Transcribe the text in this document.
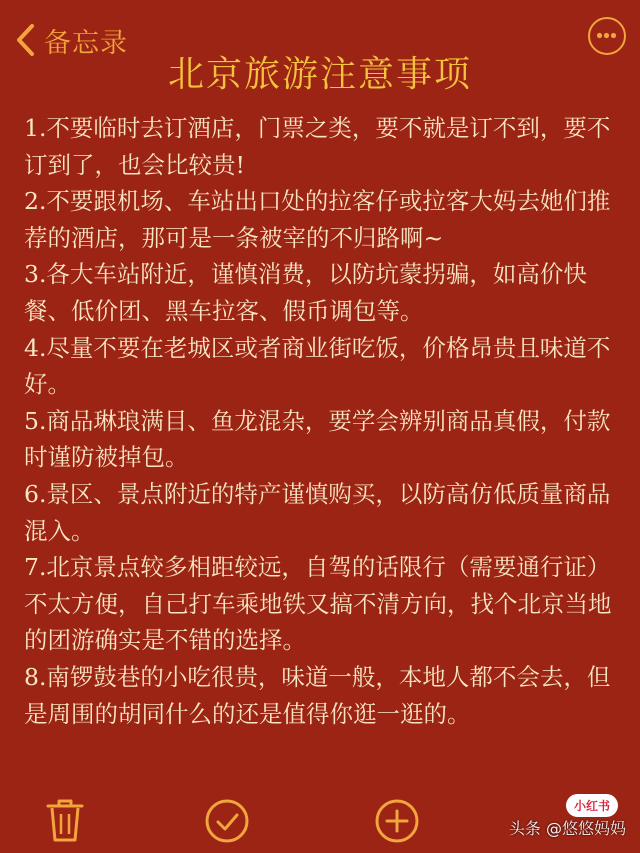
备忘录
北京旅游注意事项

1.不要临时去订酒店，门票之类，要不就是订不到，要不订到了，也会比较贵!

2.不要跟机场、车站出口处的拉客仔或拉客大妈去她们推荐的酒店，那可是一条被宰的不归路啊~

3.各大车站附近，谨慎消费，以防坑蒙拐骗，如高价快餐、低价团、黑车拉客、假币调包等。

4.尽量不要在老城区或者商业街吃饭，价格昂贵且味道不好。

5.商品琳琅满目、鱼龙混杂，要学会辨别商品真假，付款时谨防被掉包。

6.景区、景点附近的特产谨慎购买，以防高仿低质量商品混入。

7.北京景点较多相距较远，自驾的话限行（需要通行证）不太方便，自己打车乘地铁又搞不清方向，找个北京当地的团游确实是不错的选择。

8.南锣鼓巷的小吃很贵，味道一般，本地人都不会去，但是周围的胡同什么的还是值得你逛一逛的。

小红书
头条 @悠悠妈妈
